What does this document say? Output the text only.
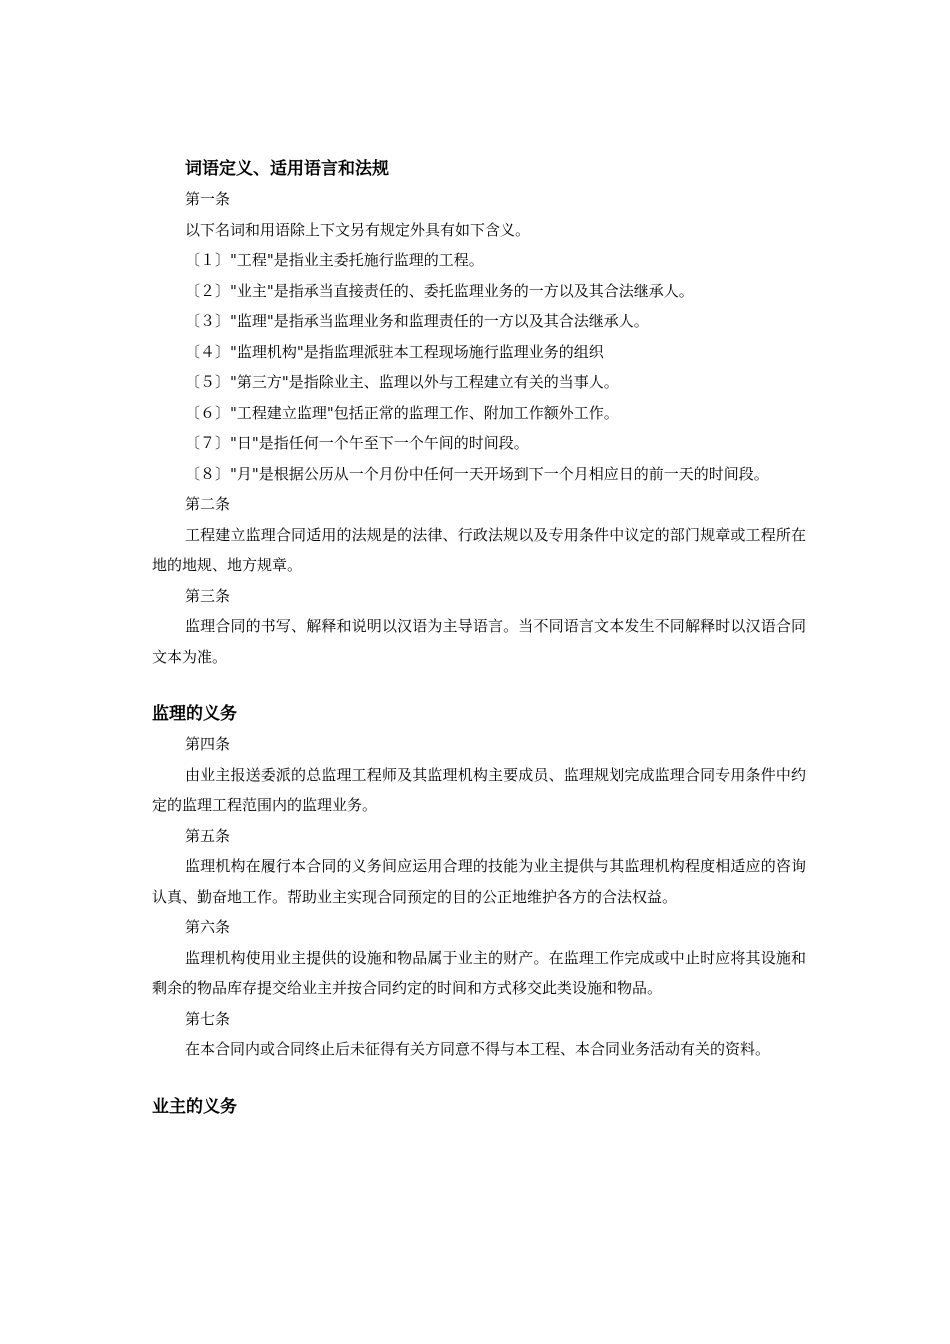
词语定义、适用语言和法规

第一条

以下名词和用语除上下文另有规定外具有如下含义。

〔１〕"工程"是指业主委托施行监理的工程。

〔２〕"业主"是指承当直接责任的、委托监理业务的一方以及其合法继承人。

〔３〕"监理"是指承当监理业务和监理责任的一方以及其合法继承人。

〔４〕"监理机构"是指监理派驻本工程现场施行监理业务的组织

〔５〕"第三方"是指除业主、监理以外与工程建立有关的当事人。

〔６〕"工程建立监理"包括正常的监理工作、附加工作额外工作。

〔７〕"日"是指任何一个午至下一个午间的时间段。

〔８〕"月"是根据公历从一个月份中任何一天开场到下一个月相应日的前一天的时间段。

第二条

工程建立监理合同适用的法规是的法律、行政法规以及专用条件中议定的部门规章或工程所在地的地规、地方规章。

第三条

监理合同的书写、解释和说明以汉语为主导语言。当不同语言文本发生不同解释时以汉语合同文本为准。

监理的义务

第四条

由业主报送委派的总监理工程师及其监理机构主要成员、监理规划完成监理合同专用条件中约定的监理工程范围内的监理业务。

第五条

监理机构在履行本合同的义务间应运用合理的技能为业主提供与其监理机构程度相适应的咨询认真、勤奋地工作。帮助业主实现合同预定的目的公正地维护各方的合法权益。

第六条

监理机构使用业主提供的设施和物品属于业主的财产。在监理工作完成或中止时应将其设施和剩余的物品库存提交给业主并按合同约定的时间和方式移交此类设施和物品。

第七条

在本合同内或合同终止后未征得有关方同意不得与本工程、本合同业务活动有关的资料。

业主的义务
